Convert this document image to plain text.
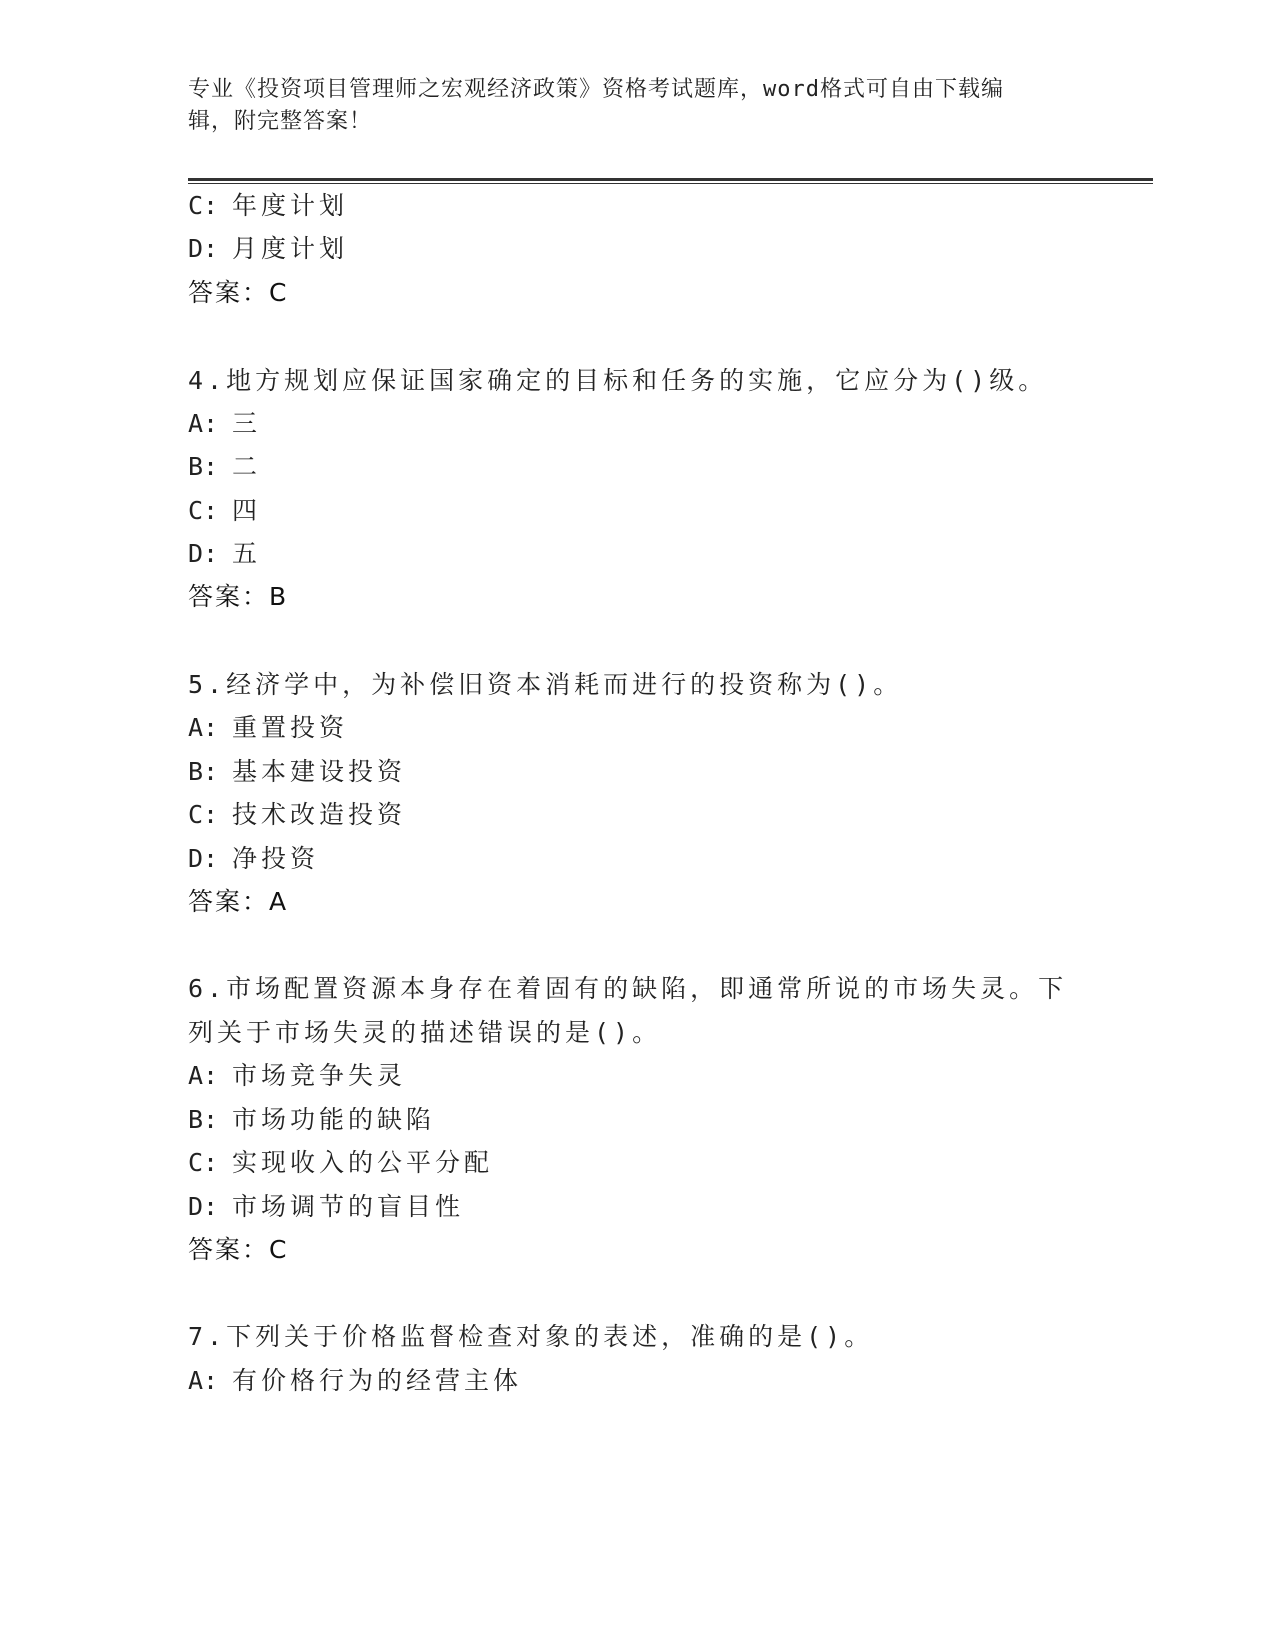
专业《投资项目管理师之宏观经济政策》资格考试题库，word格式可自由下载编
辑，附完整答案！
C: 年度计划
D: 月度计划
答案：C
4.地方规划应保证国家确定的目标和任务的实施，它应分为()级。
A: 三
B: 二
C: 四
D: 五
答案：B
5.经济学中，为补偿旧资本消耗而进行的投资称为()。
A: 重置投资
B: 基本建设投资
C: 技术改造投资
D: 净投资
答案：A
6.市场配置资源本身存在着固有的缺陷，即通常所说的市场失灵。下
列关于市场失灵的描述错误的是()。
A: 市场竞争失灵
B: 市场功能的缺陷
C: 实现收入的公平分配
D: 市场调节的盲目性
答案：C
7.下列关于价格监督检查对象的表述，准确的是()。
A: 有价格行为的经营主体
